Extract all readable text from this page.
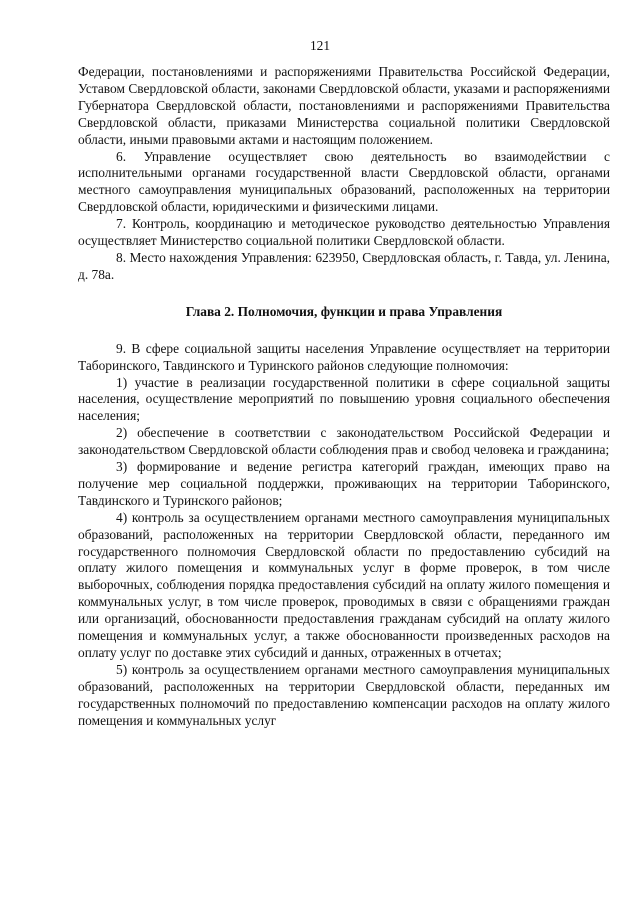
121

Федерации, постановлениями и распоряжениями Правительства Российской Федерации, Уставом Свердловской области, законами Свердловской области, указами и распоряжениями Губернатора Свердловской области, постановлениями и распоряжениями Правительства Свердловской области, приказами Министерства социальной политики Свердловской области, иными правовыми актами и настоящим положением.

6. Управление осуществляет свою деятельность во взаимодействии с исполнительными органами государственной власти Свердловской области, органами местного самоуправления муниципальных образований, расположенных на территории Свердловской области, юридическими и физическими лицами.

7. Контроль, координацию и методическое руководство деятельностью Управления осуществляет Министерство социальной политики Свердловской области.

8. Место нахождения Управления: 623950, Свердловская область, г. Тавда, ул. Ленина, д. 78а.

Глава 2. Полномочия, функции и права Управления

9. В сфере социальной защиты населения Управление осуществляет на территории Таборинского, Тавдинского и Туринского районов следующие полномочия:

1) участие в реализации государственной политики в сфере социальной защиты населения, осуществление мероприятий по повышению уровня социального обеспечения населения;

2) обеспечение в соответствии с законодательством Российской Федерации и законодательством Свердловской области соблюдения прав и свобод человека и гражданина;

3) формирование и ведение регистра категорий граждан, имеющих право на получение мер социальной поддержки, проживающих на территории Таборинского, Тавдинского и Туринского районов;

4) контроль за осуществлением органами местного самоуправления муниципальных образований, расположенных на территории Свердловской области, переданного им государственного полномочия Свердловской области по предоставлению субсидий на оплату жилого помещения и коммунальных услуг в форме проверок, в том числе выборочных, соблюдения порядка предоставления субсидий на оплату жилого помещения и коммунальных услуг, в том числе проверок, проводимых в связи с обращениями граждан или организаций, обоснованности предоставления гражданам субсидий на оплату жилого помещения и коммунальных услуг, а также обоснованности произведенных расходов на оплату услуг по доставке этих субсидий и данных, отраженных в отчетах;

5) контроль за осуществлением органами местного самоуправления муниципальных образований, расположенных на территории Свердловской области, переданных им государственных полномочий по предоставлению компенсации расходов на оплату жилого помещения и коммунальных услуг
